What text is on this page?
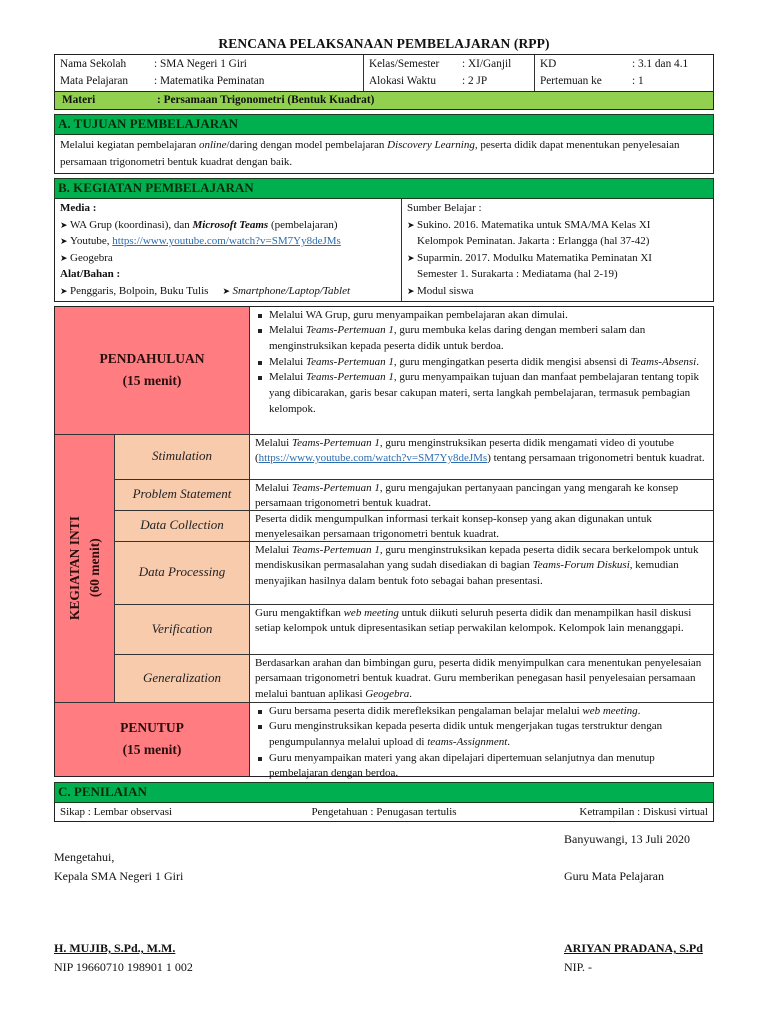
RENCANA PELAKSANAAN PEMBELAJARAN (RPP)
Nama Sekolah	: SMA Negeri 1 Giri
Mata Pelajaran	: Matematika Peminatan
Kelas/Semester	: XI/Ganjil
Alokasi Waktu	: 2 JP
KD	: 3.1 dan 4.1
Pertemuan ke	: 1
Materi	: Persamaan Trigonometri (Bentuk Kuadrat)
A. TUJUAN PEMBELAJARAN
Melalui kegiatan pembelajaran online/daring dengan model pembelajaran Discovery Learning, peserta didik dapat menentukan penyelesaian persamaan trigonometri bentuk kuadrat dengan baik.
B. KEGIATAN PEMBELAJARAN
Media :
➤ WA Grup (koordinasi), dan Microsoft Teams (pembelajaran)
➤ Youtube, https://www.youtube.com/watch?v=SM7Yy8deJMs
➤ Geogebra
Alat/Bahan :
➤ Penggaris, Bolpoin, Buku Tulis ➤ Smartphone/Laptop/Tablet
Sumber Belajar :
➤ Sukino. 2016. Matematika untuk SMA/MA Kelas XI
Kelompok Peminatan. Jakarta : Erlangga (hal 37-42)
➤ Suparmin. 2017. Modulku Matematika Peminatan XI
Semester 1. Surakarta : Mediatama (hal 2-19)
➤ Modul siswa
PENDAHULUAN
(15 menit)
Melalui WA Grup, guru menyampaikan pembelajaran akan dimulai.
Melalui Teams-Pertemuan 1, guru membuka kelas daring dengan memberi salam dan menginstruksikan kepada peserta didik untuk berdoa.
Melalui Teams-Pertemuan 1, guru mengingatkan peserta didik mengisi absensi di Teams-Absensi.
Melalui Teams-Pertemuan 1, guru menyampaikan tujuan dan manfaat pembelajaran tentang topik yang dibicarakan, garis besar cakupan materi, serta langkah pembelajaran, termasuk pembagian kelompok.
KEGIATAN INTI (60 menit)
Stimulation
Melalui Teams-Pertemuan 1, guru menginstruksikan peserta didik mengamati video di youtube (https://www.youtube.com/watch?v=SM7Yy8deJMs) tentang persamaan trigonometri bentuk kuadrat.
Problem Statement	Melalui Teams-Pertemuan 1, guru mengajukan pertanyaan pancingan yang mengarah ke konsep persamaan trigonometri bentuk kuadrat.
Data Collection	Peserta didik mengumpulkan informasi terkait konsep-konsep yang akan digunakan untuk menyelesaikan persamaan trigonometri bentuk kuadrat.
Data Processing
Melalui Teams-Pertemuan 1, guru menginstruksikan kepada peserta didik secara berkelompok untuk mendiskusikan permasalahan yang sudah disediakan di bagian Teams-Forum Diskusi, kemudian menyajikan hasilnya dalam bentuk foto sebagai bahan presentasi.
Verification
Guru mengaktifkan web meeting untuk diikuti seluruh peserta didik dan menampilkan hasil diskusi setiap kelompok untuk dipresentasikan setiap perwakilan kelompok. Kelompok lain menanggapi.
Generalization
Berdasarkan arahan dan bimbingan guru, peserta didik menyimpulkan cara menentukan penyelesaian persamaan trigonometri bentuk kuadrat. Guru memberikan penegasan hasil penyelesaian persamaan melalui bantuan aplikasi Geogebra.
PENUTUP
(15 menit)
Guru bersama peserta didik merefleksikan pengalaman belajar melalui web meeting.
Guru menginstruksikan kepada peserta didik untuk mengerjakan tugas terstruktur dengan pengumpulannya melalui upload di teams-Assignment.
Guru menyampaikan materi yang akan dipelajari dipertemuan selanjutnya dan menutup pembelajaran dengan berdoa.
C. PENILAIAN
Sikap : Lembar observasi	Pengetahuan : Penugasan tertulis	Ketrampilan : Diskusi virtual
Banyuwangi, 13 Juli 2020
Mengetahui,
Kepala SMA Negeri 1 Giri	Guru Mata Pelajaran
H. MUJIB, S.Pd., M.M.
NIP 19660710 198901 1 002
ARIYAN PRADANA, S.Pd
NIP. -
